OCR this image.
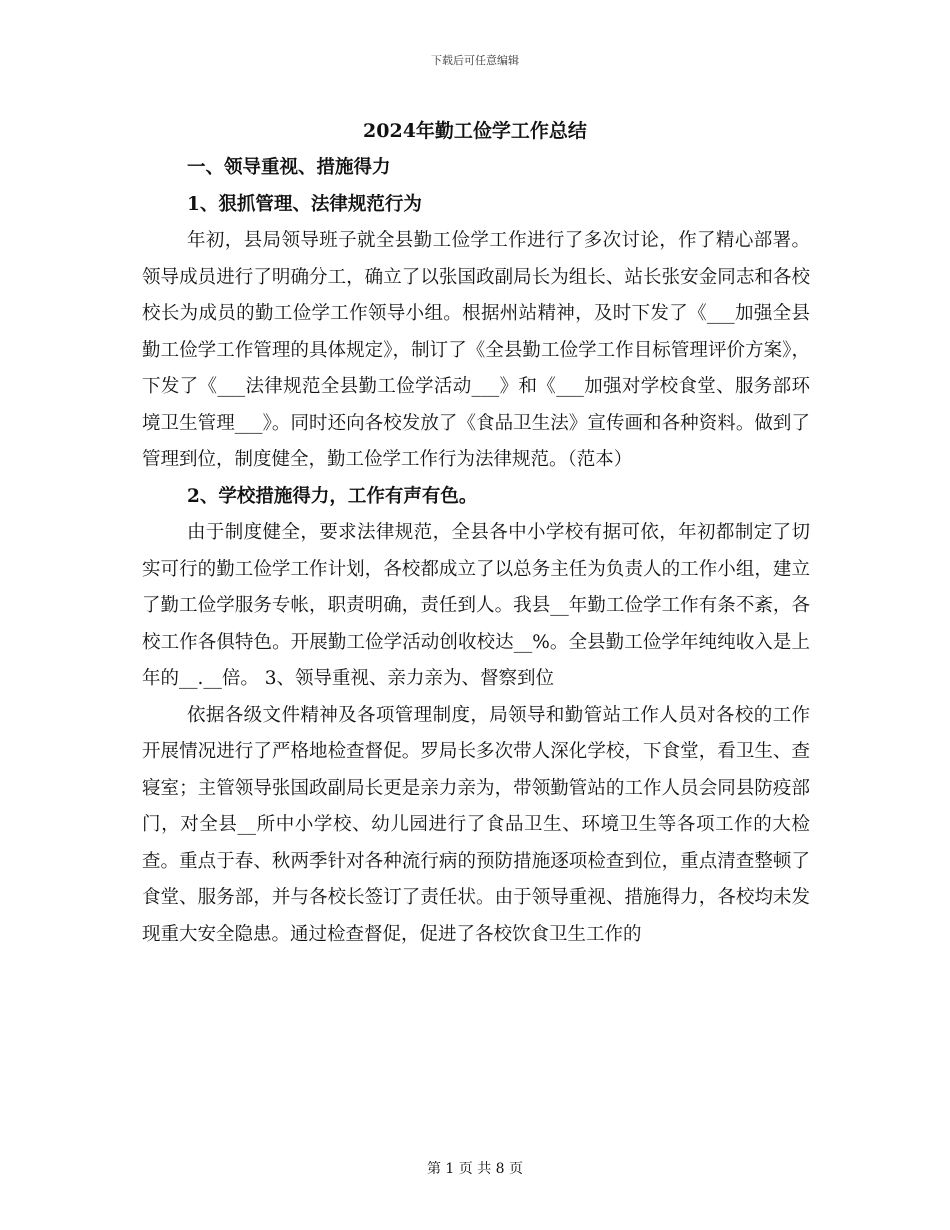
下载后可任意编辑
2024年勤工俭学工作总结

一、领导重视、措施得力

1、狠抓管理、法律规范行为

年初，县局领导班子就全县勤工俭学工作进行了多次讨论，作了精心部署。领导成员进行了明确分工，确立了以张国政副局长为组长、站长张安金同志和各校校长为成员的勤工俭学工作领导小组。根据州站精神，及时下发了《___加强全县勤工俭学工作管理的具体规定》，制订了《全县勤工俭学工作目标管理评价方案》，下发了《___法律规范全县勤工俭学活动___》和《___加强对学校食堂、服务部环境卫生管理___》。同时还向各校发放了《食品卫生法》宣传画和各种资料。做到了管理到位，制度健全，勤工俭学工作行为法律规范。（范本）

2、学校措施得力，工作有声有色。

由于制度健全，要求法律规范，全县各中小学校有据可依，年初都制定了切实可行的勤工俭学工作计划，各校都成立了以总务主任为负责人的工作小组，建立了勤工俭学服务专帐，职责明确，责任到人。我县__年勤工俭学工作有条不紊，各校工作各俱特色。开展勤工俭学活动创收校达__%。全县勤工俭学年纯纯收入是上年的__.__倍。 3、领导重视、亲力亲为、督察到位

依据各级文件精神及各项管理制度，局领导和勤管站工作人员对各校的工作开展情况进行了严格地检查督促。罗局长多次带人深化学校，下食堂，看卫生、查寝室；主管领导张国政副局长更是亲力亲为，带领勤管站的工作人员会同县防疫部门，对全县__所中小学校、幼儿园进行了食品卫生、环境卫生等各项工作的大检查。重点于春、秋两季针对各种流行病的预防措施逐项检查到位，重点清查整顿了食堂、服务部，并与各校长签订了责任状。由于领导重视、措施得力，各校均未发现重大安全隐患。通过检查督促，促进了各校饮食卫生工作的

第 1 页 共 8 页
